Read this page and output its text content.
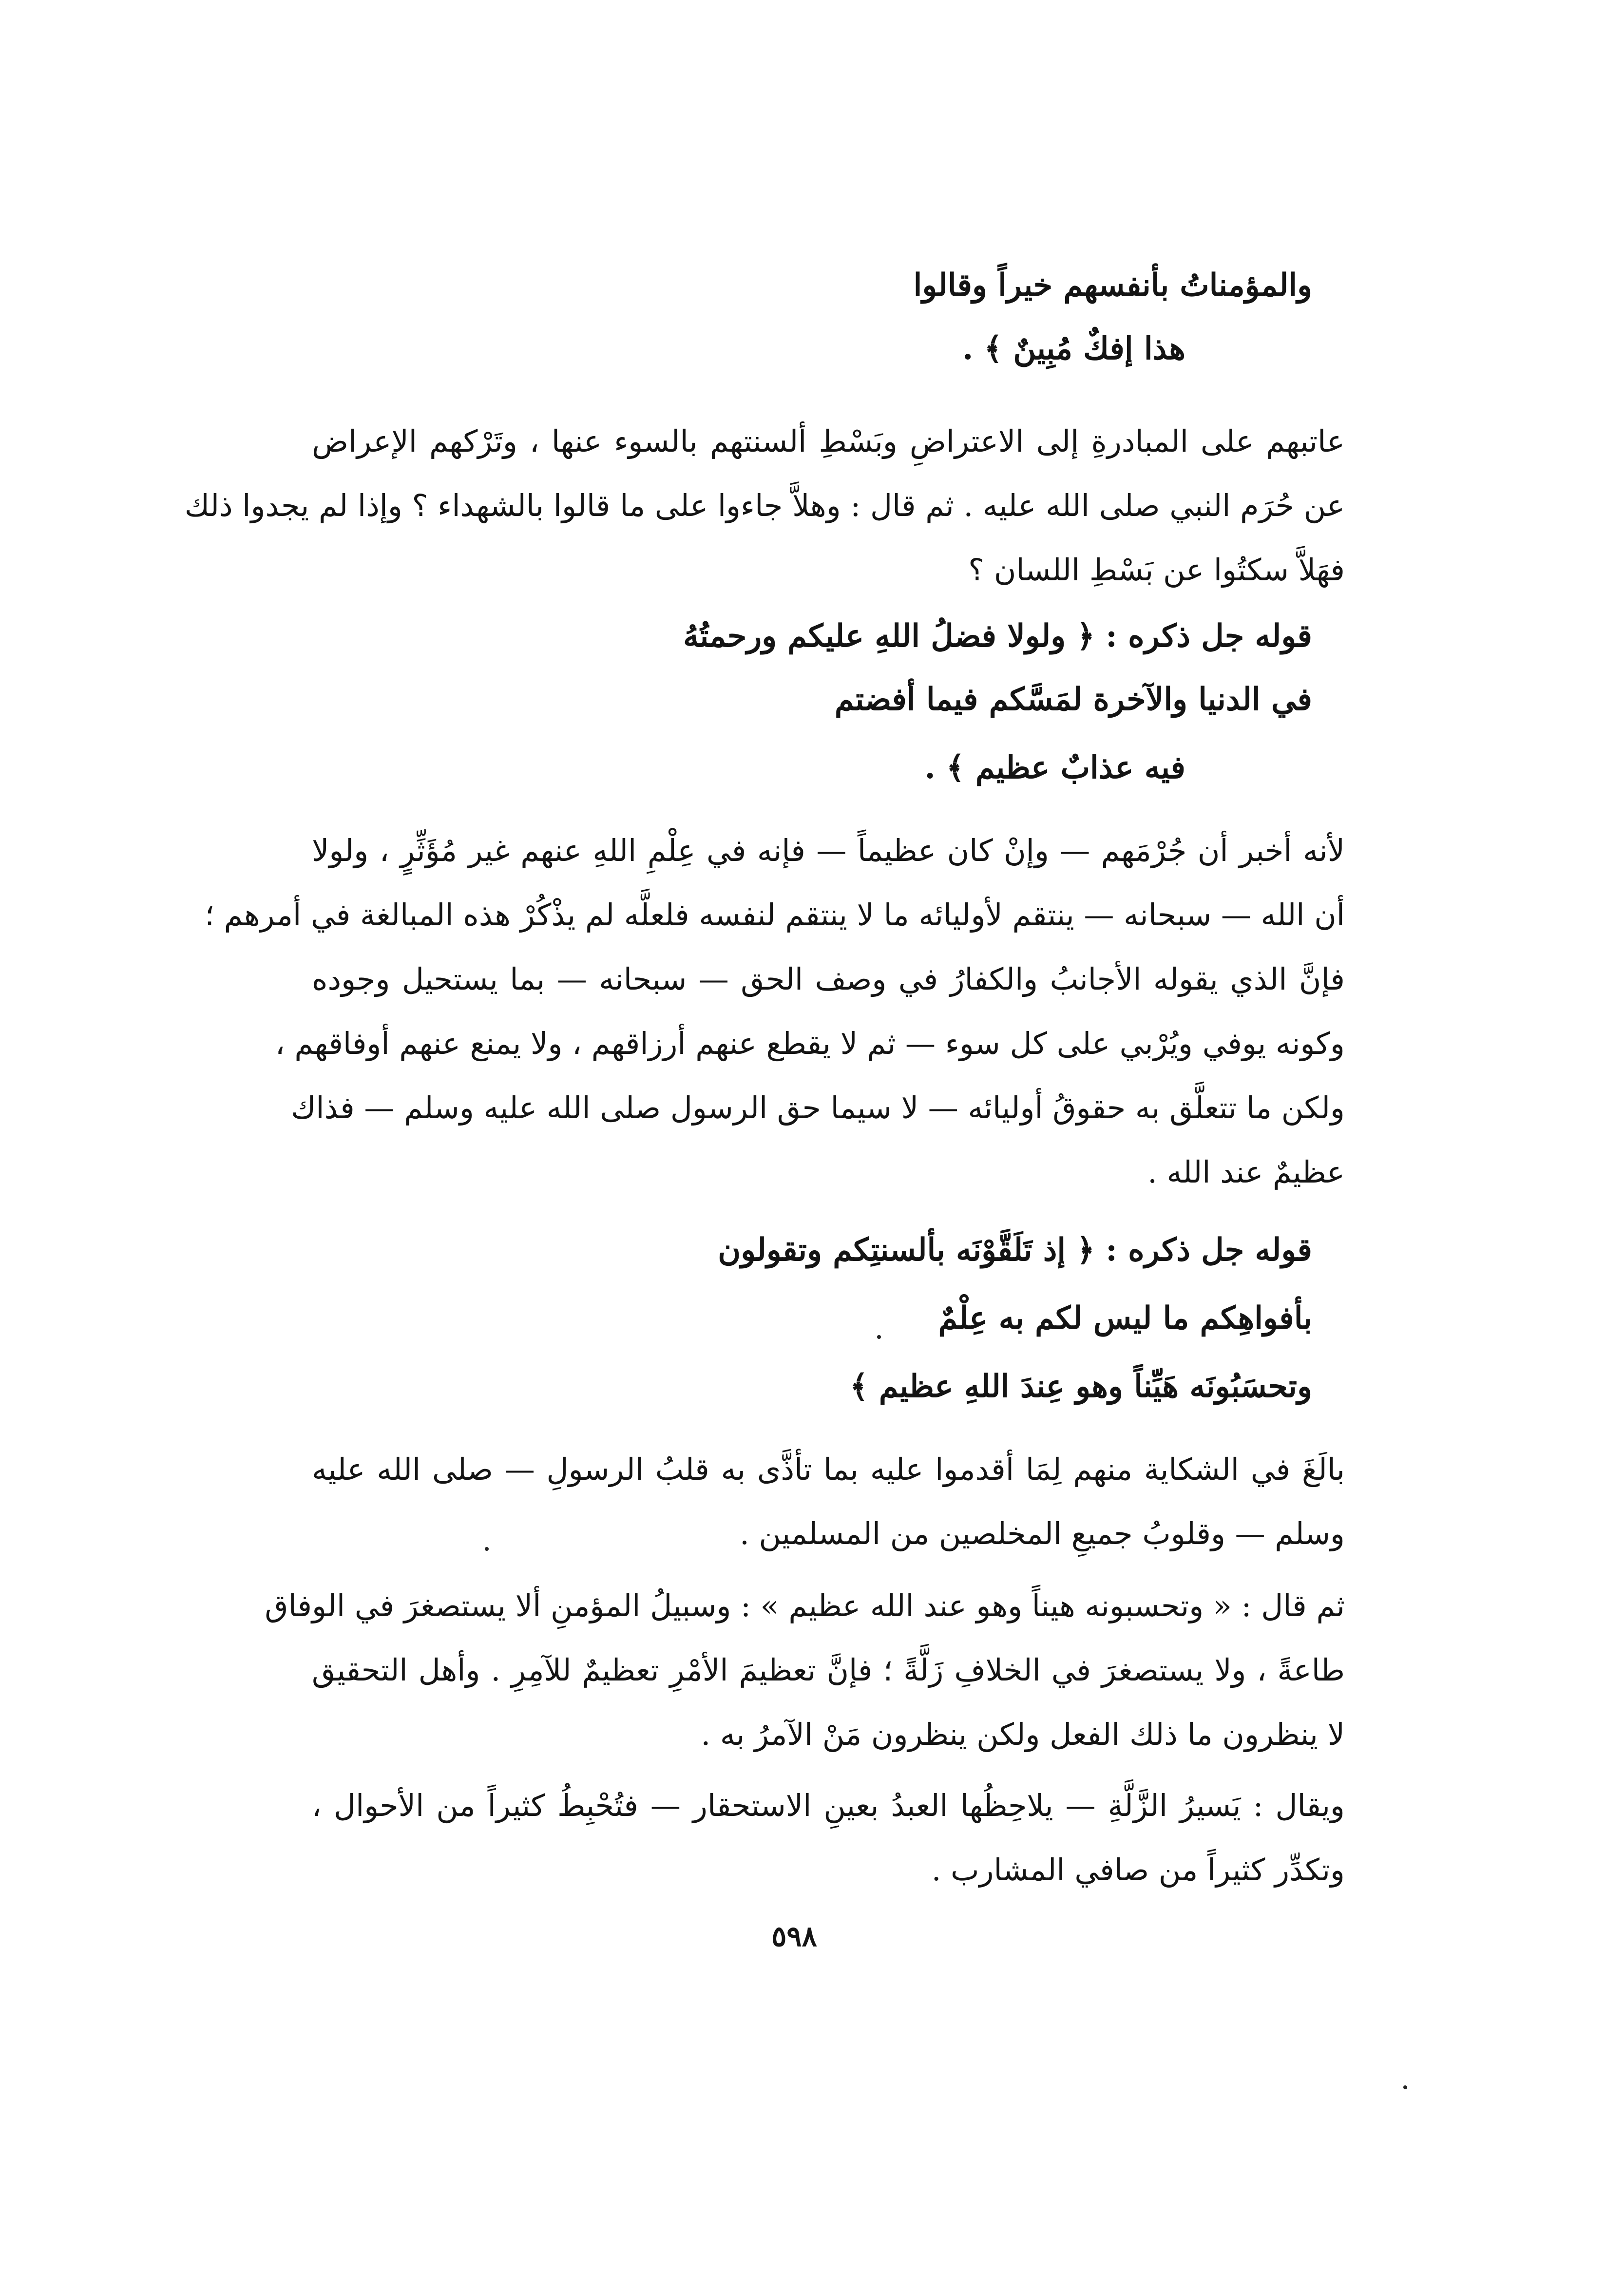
والمؤمناتُ بأنفسهم خيراً وقالوا
هذا إفكٌ مُبِينٌ ﴾ .
عاتبهم على المبادرةِ إلى الاعتراضِ وبَسْطِ ألسنتهم بالسوء عنها ، وتَرْكهم الإعراض
عن حُرَم النبي صلى الله عليه . ثم قال : وهلاَّ جاءوا على ما قالوا بالشهداء ؟ وإذا لم يجدوا ذلك
فهَلاَّ سكتُوا عن بَسْطِ اللسان ؟
قوله جل ذكره : ﴿ ولولا فضلُ اللهِ عليكم ورحمتُهُ
في الدنيا والآخرة لمَسَّكم فيما أفضتم
فيه عذابٌ عظيم ﴾ .
لأنه أخبر أن جُرْمَهم — وإنْ كان عظيماً — فإنه في عِلْمِ اللهِ عنهم غير مُؤَثِّرٍ ، ولولا
أن الله — سبحانه — ينتقم لأوليائه ما لا ينتقم لنفسه فلعلَّه لم يذْكُرْ هذه المبالغة في أمرهم ؛
فإنَّ الذي يقوله الأجانبُ والكفارُ في وصف الحق — سبحانه — بما يستحيل وجوده
وكونه يوفي ويُرْبي على كل سوء — ثم لا يقطع عنهم أرزاقهم ، ولا يمنع عنهم أوفاقهم ،
ولكن ما تتعلَّق به حقوقُ أوليائه — لا سيما حق الرسول صلى الله عليه وسلم — فذاك
عظيمٌ عند الله .
قوله جل ذكره : ﴿ إذ تَلَقَّوْنَه بألسنتِكم وتقولون
بأفواهِكم ما ليس لكم به عِلْمٌ
وتحسَبُونَه هَيِّناً وهو عِندَ اللهِ عظيم ﴾
بالَغَ في الشكاية منهم لِمَا أقدموا عليه بما تأذَّى به قلبُ الرسولِ — صلى الله عليه
وسلم — وقلوبُ جميعِ المخلصين من المسلمين .
ثم قال : « وتحسبونه هيناً وهو عند الله عظيم » : وسبيلُ المؤمنِ ألا يستصغرَ في الوفاق
طاعةً ، ولا يستصغرَ في الخلافِ زَلَّةً ؛ فإنَّ تعظيمَ الأمْرِ تعظيمٌ للآمِرِ . وأهل التحقيق
لا ينظرون ما ذلك الفعل ولكن ينظرون مَنْ الآمرُ به .
ويقال : يَسيرُ الزَّلَّةِ — يلاحِظُها العبدُ بعينِ الاستحقار — فتُحْبِطُ كثيراً من الأحوال ،
وتكدِّر كثيراً من صافي المشارب .
٥٩٨
